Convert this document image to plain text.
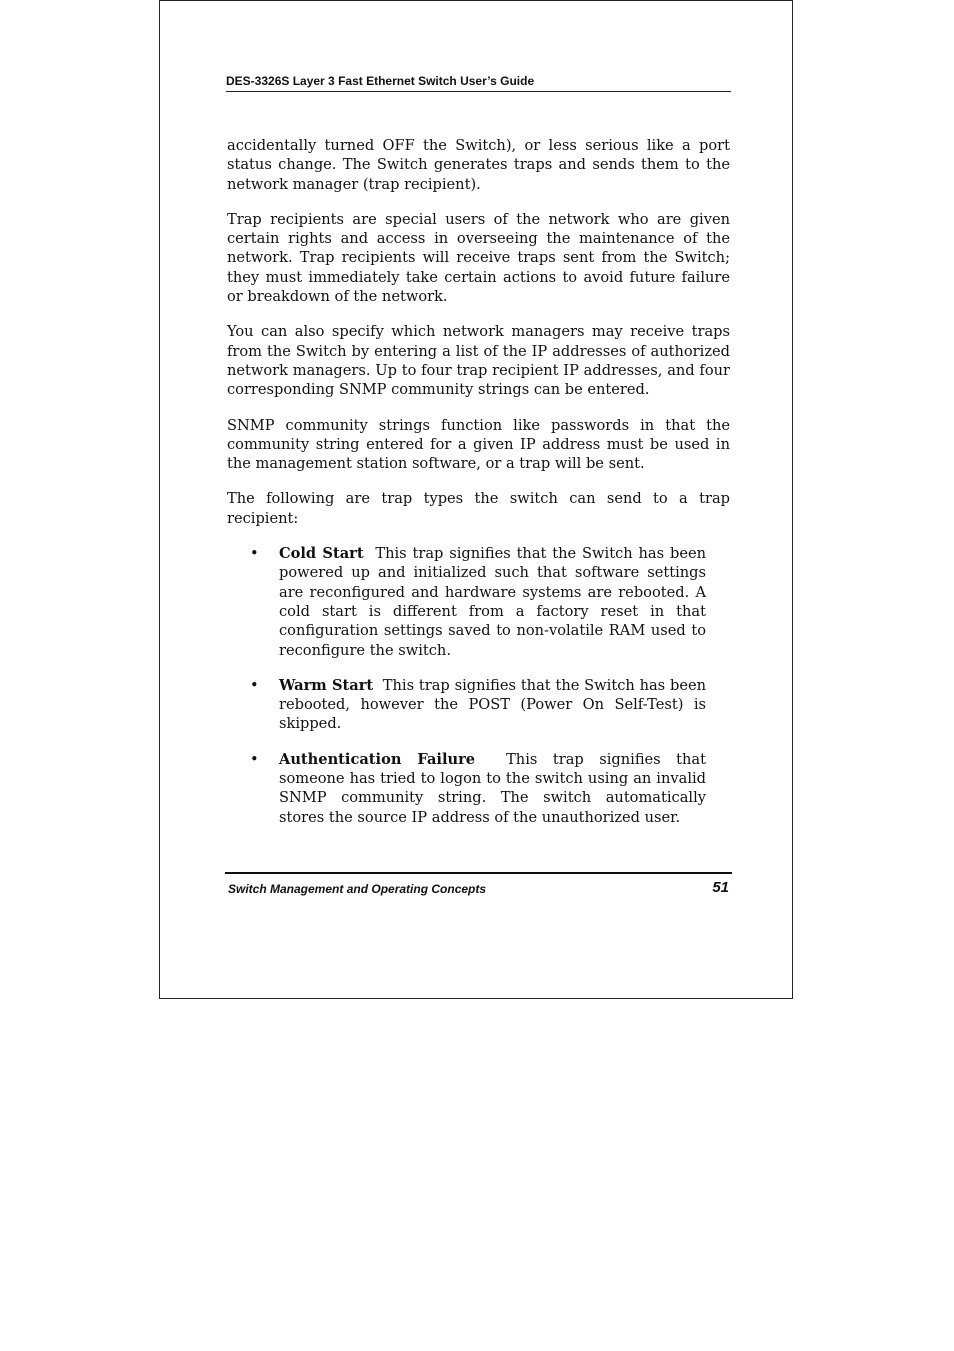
DES-3326S Layer 3 Fast Ethernet Switch User’s Guide

accidentally turned OFF the Switch), or less serious like a port status change. The Switch generates traps and sends them to the network manager (trap recipient).

Trap recipients are special users of the network who are given certain rights and access in overseeing the maintenance of the network. Trap recipients will receive traps sent from the Switch; they must immediately take certain actions to avoid future failure or breakdown of the network.

You can also specify which network managers may receive traps from the Switch by entering a list of the IP addresses of authorized network managers. Up to four trap recipient IP addresses, and four corresponding SNMP community strings can be entered.

SNMP community strings function like passwords in that the community string entered for a given IP address must be used in the management station software, or a trap will be sent.

The following are trap types the switch can send to a trap recipient:

• Cold Start This trap signifies that the Switch has been powered up and initialized such that software settings are reconfigured and hardware systems are rebooted. A cold start is different from a factory reset in that configuration settings saved to non-volatile RAM used to reconfigure the switch.
• Warm Start This trap signifies that the Switch has been rebooted, however the POST (Power On Self-Test) is skipped.
• Authentication Failure This trap signifies that someone has tried to logon to the switch using an invalid SNMP community string. The switch automatically stores the source IP address of the unauthorized user.
Switch Management and Operating Concepts	51
